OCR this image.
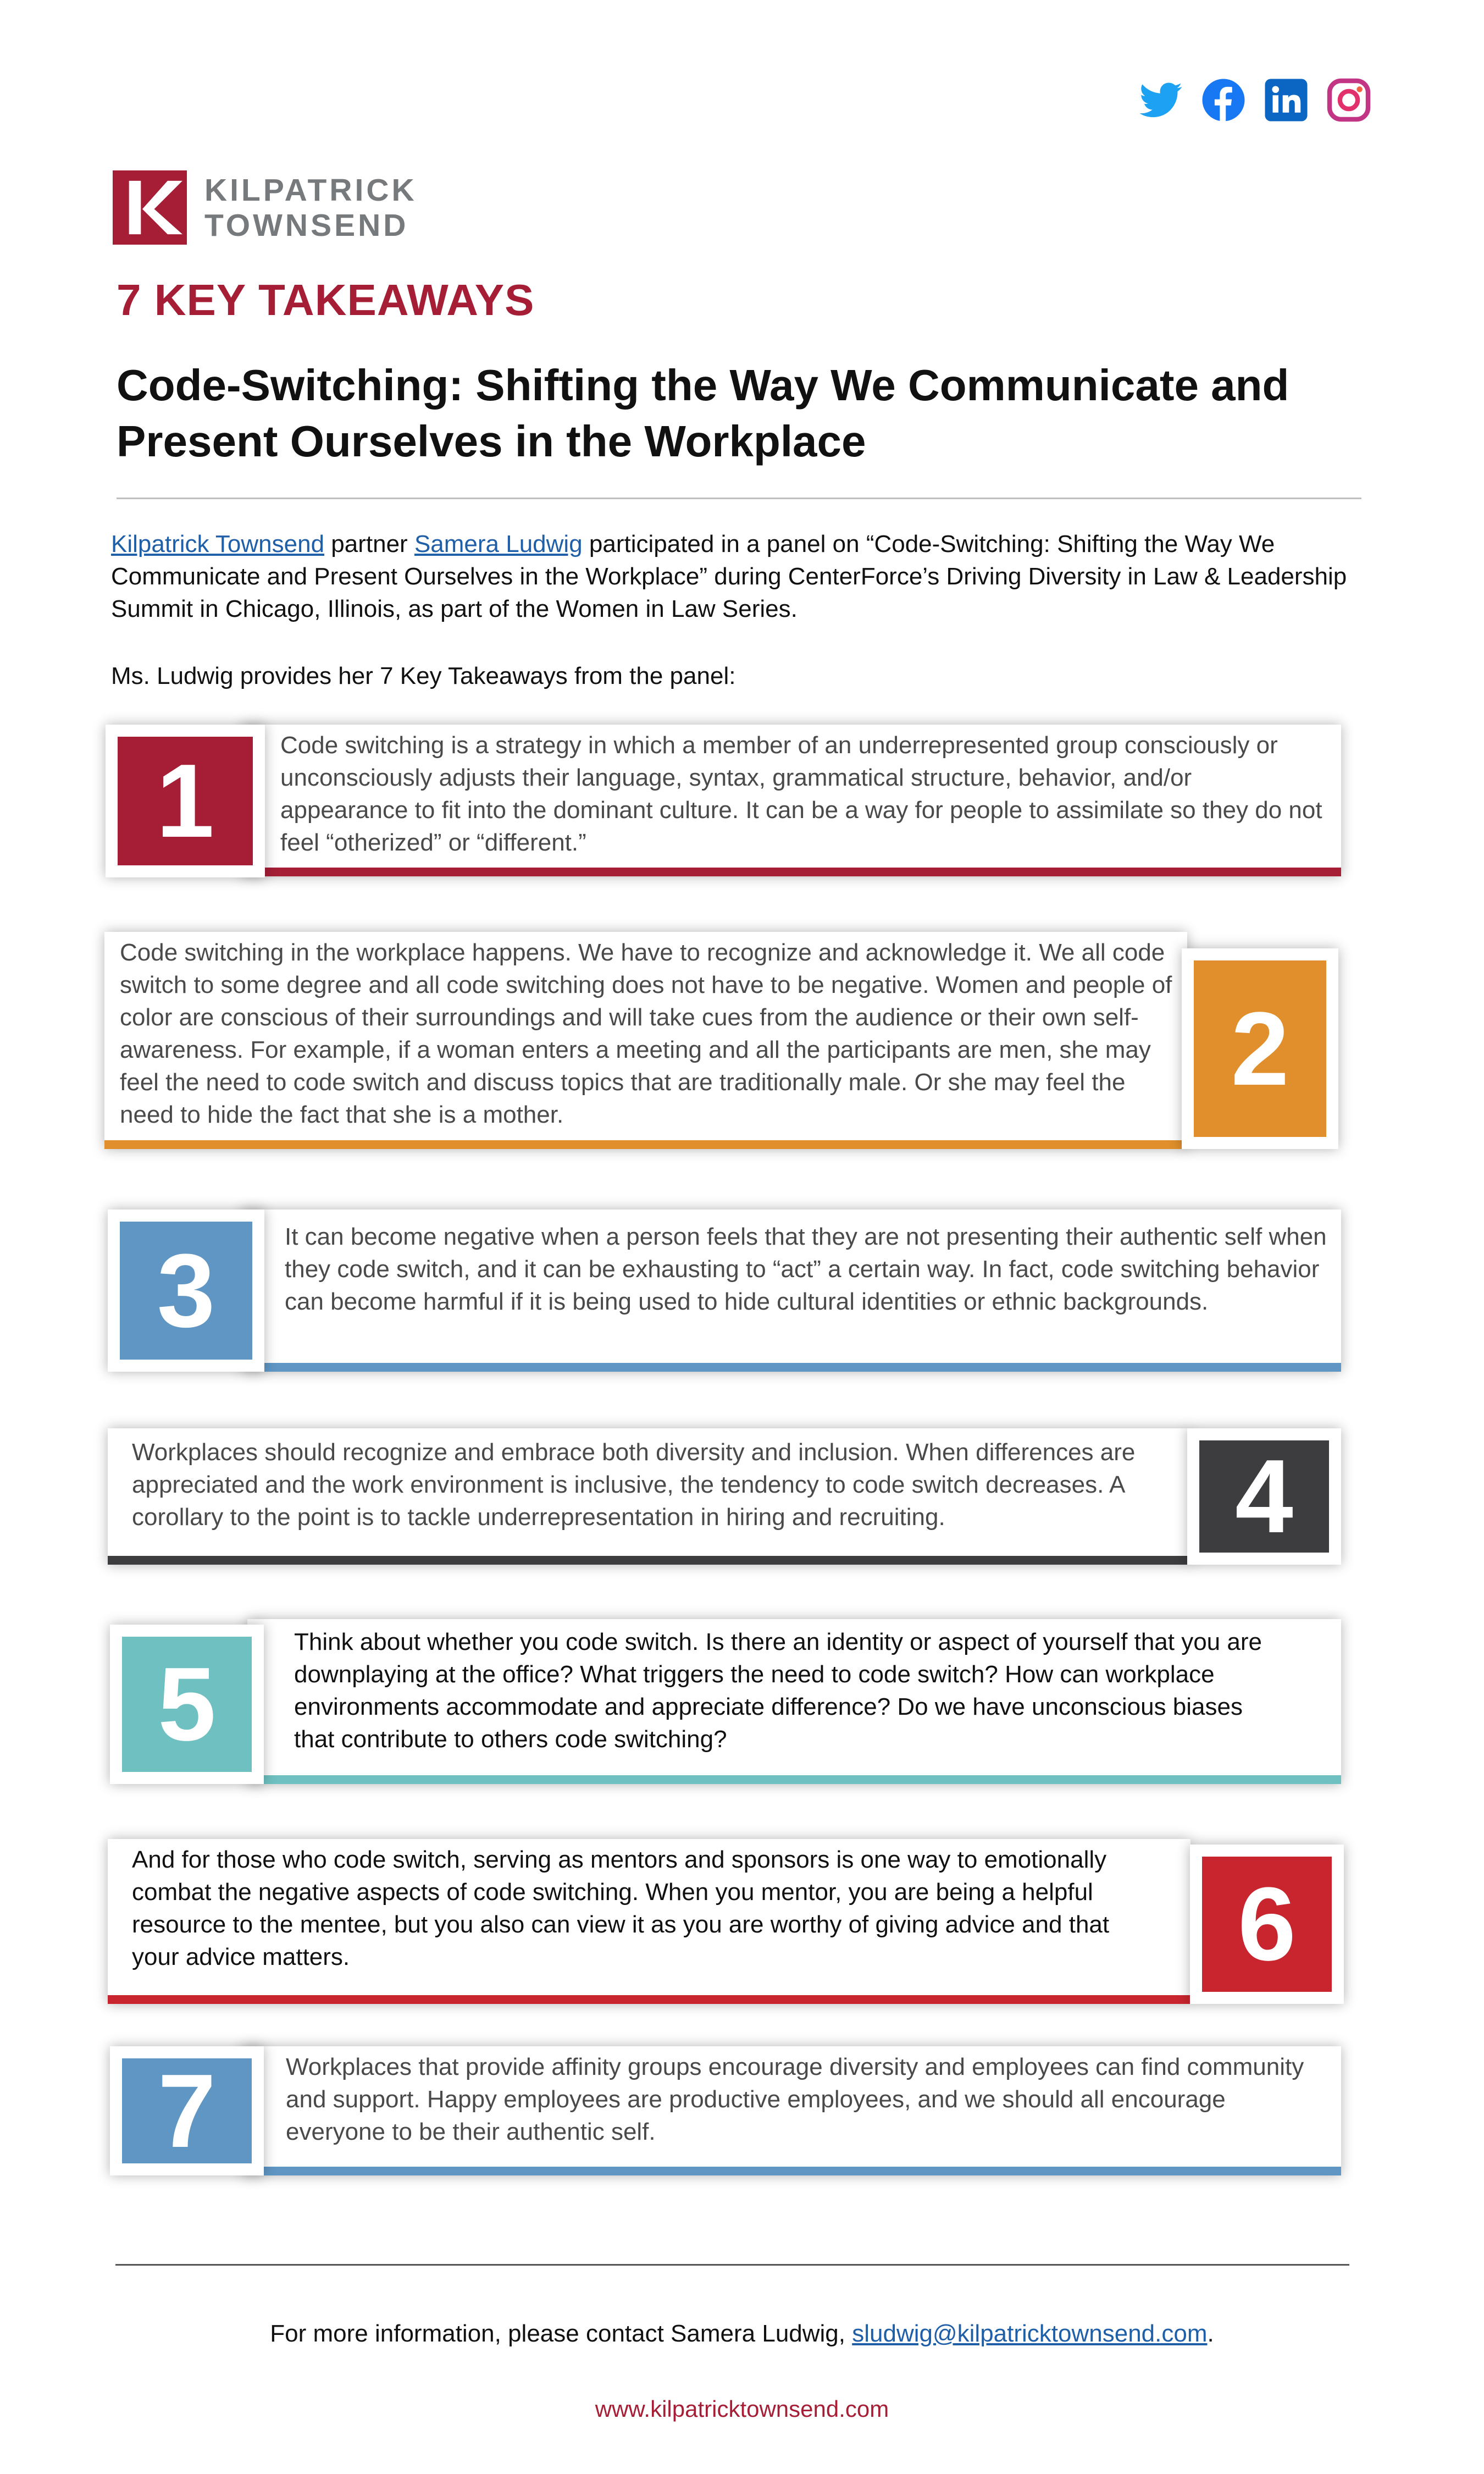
KILPATRICK
TOWNSEND
7 KEY TAKEAWAYS
Code-Switching: Shifting the Way We Communicate and Present Ourselves in the Workplace
Kilpatrick Townsend partner Samera Ludwig participated in a panel on “Code-Switching: Shifting the Way We Communicate and Present Ourselves in the Workplace” during CenterForce’s Driving Diversity in Law & Leadership Summit in Chicago, Illinois, as part of the Women in Law Series.
Ms. Ludwig provides her 7 Key Takeaways from the panel:
Code switching is a strategy in which a member of an underrepresented group consciously or unconsciously adjusts their language, syntax, grammatical structure, behavior, and/or appearance to fit into the dominant culture. It can be a way for people to assimilate so they do not feel “otherized” or “different.”
1
Code switching in the workplace happens. We have to recognize and acknowledge it. We all code switch to some degree and all code switching does not have to be negative. Women and people of color are conscious of their surroundings and will take cues from the audience or their own self-awareness. For example, if a woman enters a meeting and all the participants are men, she may feel the need to code switch and discuss topics that are traditionally male. Or she may feel the need to hide the fact that she is a mother.
2
It can become negative when a person feels that they are not presenting their authentic self when they code switch, and it can be exhausting to “act” a certain way. In fact, code switching behavior can become harmful if it is being used to hide cultural identities or ethnic backgrounds.
3
Workplaces should recognize and embrace both diversity and inclusion. When differences are appreciated and the work environment is inclusive, the tendency to code switch decreases. A corollary to the point is to tackle underrepresentation in hiring and recruiting.	4
Think about whether you code switch. Is there an identity or aspect of yourself that you are downplaying at the office? What triggers the need to code switch? How can workplace environments accommodate and appreciate difference? Do we have unconscious biases that contribute to others code switching?
5
And for those who code switch, serving as mentors and sponsors is one way to emotionally combat the negative aspects of code switching. When you mentor, you are being a helpful resource to the mentee, but you also can view it as you are worthy of giving advice and that your advice matters.	6
Workplaces that provide affinity groups encourage diversity and employees can find community and support. Happy employees are productive employees, and we should all encourage everyone to be their authentic self.
7
For more information, please contact Samera Ludwig, sludwig@kilpatricktownsend.com.
www.kilpatricktownsend.com
